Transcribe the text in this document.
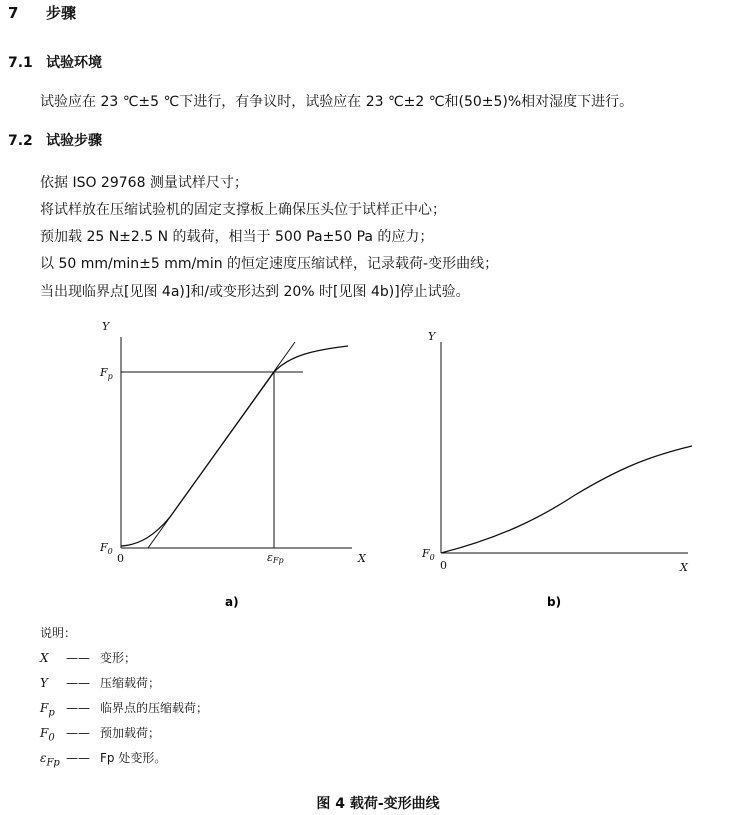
7 步骤
7.1 试验环境
试验应在 23 ℃±5 ℃下进行，有争议时，试验应在 23 ℃±2 ℃和(50±5)%相对湿度下进行。
7.2 试验步骤
依据 ISO 29768 测量试样尺寸；
将试样放在压缩试验机的固定支撑板上确保压头位于试样正中心；
预加载 25 N±2.5 N 的载荷，相当于 500 Pa±50 Pa 的应力；
以 50 mm/min±5 mm/min 的恒定速度压缩试样，记录载荷-变形曲线；
当出现临界点[见图 4a)]和/或变形达到 20% 时[见图 4b)]停止试验。
Y
X
$F_p$
$F_0$
0	εFp
a)
Y
X
$F_0$
0
b)
说明：
X —— 变形；
Y —— 压缩载荷；
$F_p$ —— 临界点的压缩载荷；
$F_0$ —— 预加载荷；
$\varepsilon_{Fp}$ —— Fp 处变形。
图 4 载荷-变形曲线
